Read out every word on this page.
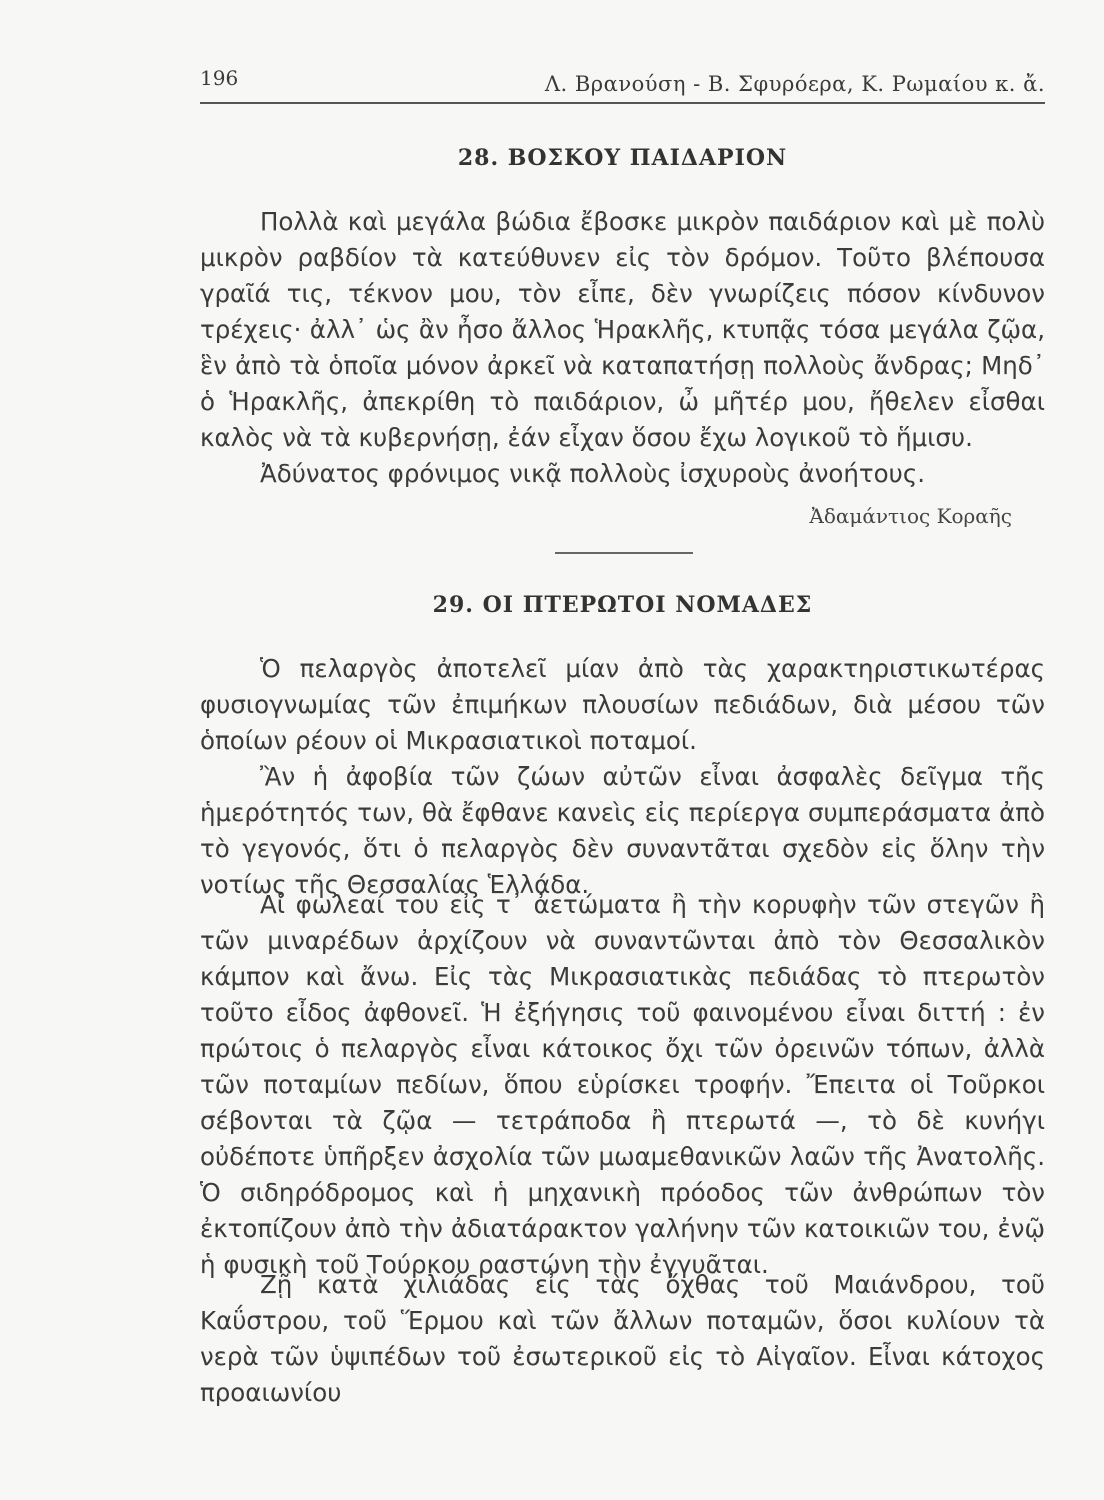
196	Λ. Βρανούση - Β. Σφυρόερα, Κ. Ρωμαίου κ. ἄ.
28. ΒΟΣΚΟΥ ΠΑΙΔΑΡΙΟΝ

Πολλὰ καὶ μεγάλα βώδια ἔβοσκε μικρὸν παιδάριον καὶ μὲ πολὺ μικρὸν ραβδίον τὰ κατεύθυνεν εἰς τὸν δρόμον. Τοῦτο βλέπουσα γραῖά τις, τέκνον μου, τὸν εἶπε, δὲν γνωρίζεις πόσον κίνδυνον τρέχεις· ἀλλ᾽ ὡς ἂν ἦσο ἄλλος Ἡρακλῆς, κτυπᾷς τόσα μεγάλα ζῷα, ἓν ἀπὸ τὰ ὁποῖα μόνον ἀρκεῖ νὰ καταπατήσῃ πολλοὺς ἄνδρας; Μηδ᾽ ὁ Ἡρακλῆς, ἀπεκρίθη τὸ παιδάριον, ὦ μῆτέρ μου, ἤθελεν εἶσθαι καλὸς νὰ τὰ κυβερνήσῃ, ἐάν εἶχαν ὅσου ἔχω λογικοῦ τὸ ἥμισυ.

Ἀδύνατος φρόνιμος νικᾷ πολλοὺς ἰσχυροὺς ἀνοήτους.

Ἀδαμάντιος Κοραῆς
29. ΟΙ ΠΤΕΡΩΤΟΙ ΝΟΜΑΔΕΣ

Ὁ πελαργὸς ἀποτελεῖ μίαν ἀπὸ τὰς χαρακτηριστικωτέρας φυσιογνωμίας τῶν ἐπιμήκων πλουσίων πεδιάδων, διὰ μέσου τῶν ὁποίων ρέουν οἱ Μικρασιατικοὶ ποταμοί.

Ἂν ἡ ἀφοβία τῶν ζώων αὐτῶν εἶναι ἀσφαλὲς δεῖγμα τῆς ἡμερότητός των, θὰ ἔφθανε κανεὶς εἰς περίεργα συμπεράσματα ἀπὸ τὸ γεγονός, ὅτι ὁ πελαργὸς δὲν συναντᾶται σχεδὸν εἰς ὅλην τὴν νοτίως τῆς Θεσσαλίας Ἑλλάδα.

Αἱ φωλεαί του εἰς τ᾽ ἀετώματα ἢ τὴν κορυφὴν τῶν στεγῶν ἢ τῶν μιναρέδων ἀρχίζουν νὰ συναντῶνται ἀπὸ τὸν Θεσσαλικὸν κάμπον καὶ ἄνω. Εἰς τὰς Μικρασιατικὰς πεδιάδας τὸ πτερωτὸν τοῦτο εἶδος ἀφθονεῖ. Ἡ ἐξήγησις τοῦ φαινομένου εἶναι διττή : ἐν πρώτοις ὁ πελαργὸς εἶναι κάτοικος ὄχι τῶν ὀρεινῶν τόπων, ἀλλὰ τῶν ποταμίων πεδίων, ὅπου εὑρίσκει τροφήν. Ἔπειτα οἱ Τοῦρκοι σέβονται τὰ ζῷα — τετράποδα ἢ πτερωτά —, τὸ δὲ κυνήγι οὐδέποτε ὑπῆρξεν ἀσχολία τῶν μωαμεθανικῶν λαῶν τῆς Ἀνατολῆς. Ὁ σιδηρόδρομος καὶ ἡ μηχανικὴ πρόοδος τῶν ἀνθρώπων τὸν ἐκτοπίζουν ἀπὸ τὴν ἀδιατάρακτον γαλήνην τῶν κατοικιῶν του, ἐνῷ ἡ φυσικὴ τοῦ Τούρκου ραστώνη τὴν ἐγγυᾶται.

Ζῇ κατὰ χιλιάδας εἰς τὰς ὄχθας τοῦ Μαιάνδρου, τοῦ Καΰστρου, τοῦ Ἕρμου καὶ τῶν ἄλλων ποταμῶν, ὅσοι κυλίουν τὰ νερὰ τῶν ὑψιπέδων τοῦ ἐσωτερικοῦ εἰς τὸ Αἰγαῖον. Εἶναι κάτοχος προαιωνίου
